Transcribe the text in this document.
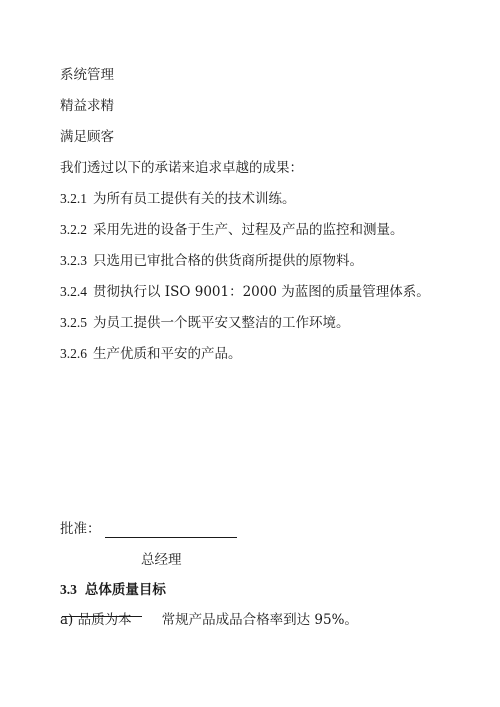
系统管理
精益求精
满足顾客
我们透过以下的承诺来追求卓越的成果：
3.2.1 为所有员工提供有关的技术训练。
3.2.2 采用先进的设备于生产、过程及产品的监控和测量。
3.2.3 只选用已审批合格的供货商所提供的原物料。
3.2.4 贯彻执行以 ISO 9001：2000 为蓝图的质量管理体系。
3.2.5 为员工提供一个既平安又整洁的工作环境。
3.2.6 生产优质和平安的产品。
批准：
总经理
3.3 总体质量目标
a) 品质为本 常规产品成品合格率到达 95%。
